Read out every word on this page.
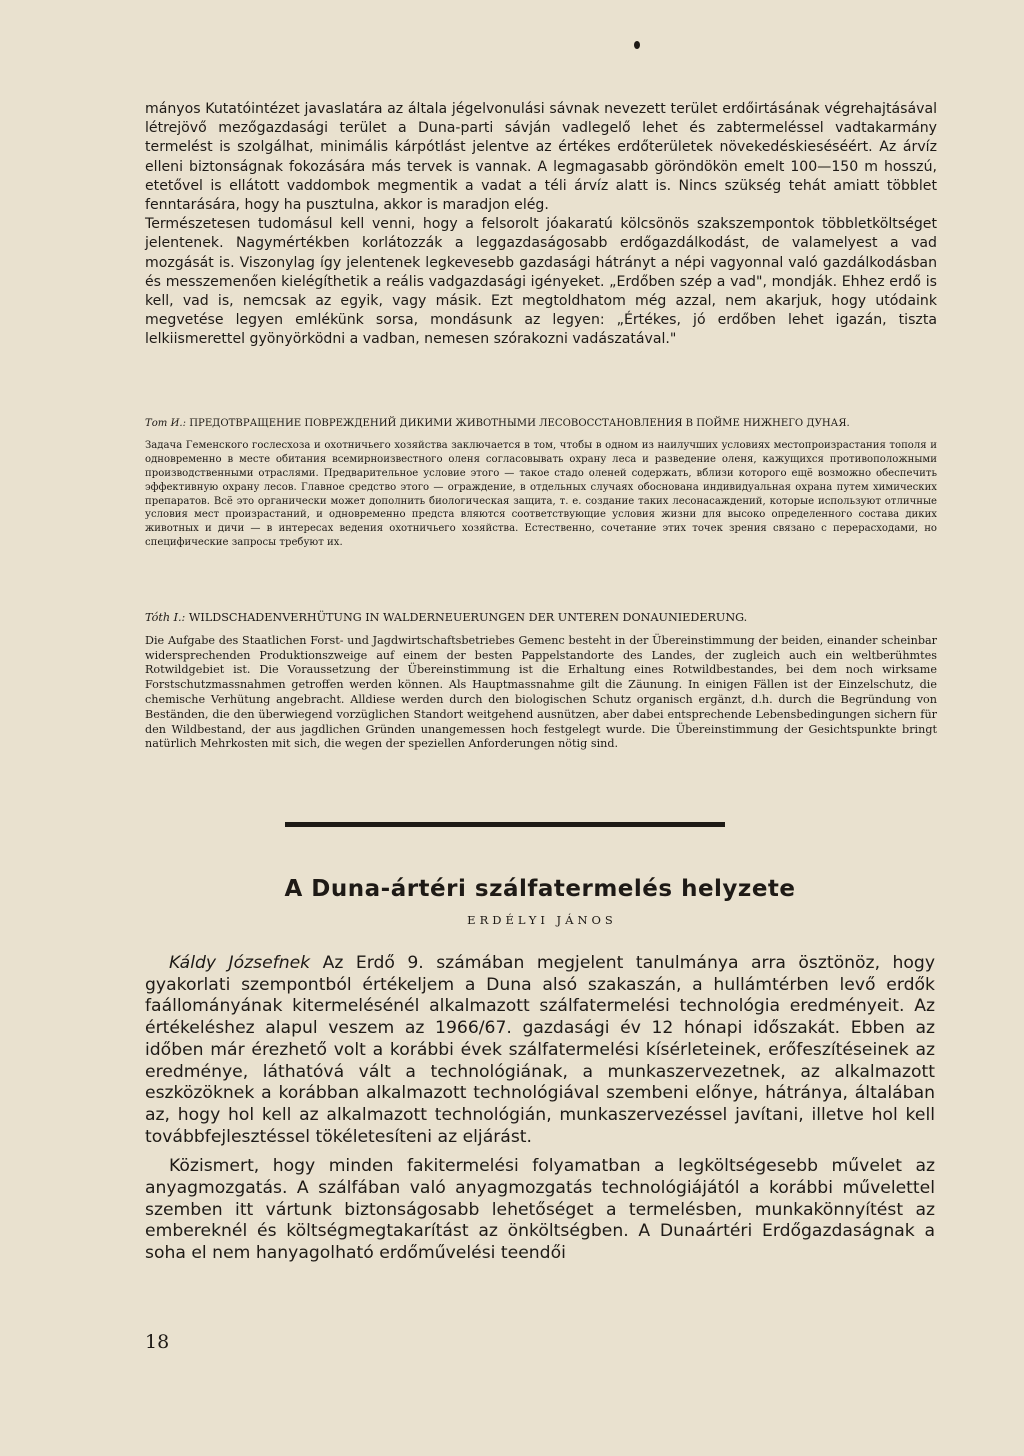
mányos Kutatóintézet javaslatára az általa jégelvonulási sávnak nevezett terület erdőirtásának végrehajtásával létrejövő mezőgazdasági terület a Duna-parti sávján vadlegelő lehet és zabtermeléssel vadtakarmány termelést is szolgálhat, minimális kárpótlást jelentve az értékes erdőterületek növekedéskieséséért. Az árvíz elleni biztonságnak fokozására más tervek is vannak. A legmagasabb göröndökön emelt 100—150 m hosszú, etetővel is ellátott vaddombok megmentik a vadat a téli árvíz alatt is. Nincs szükség tehát amiatt többlet fenntarására, hogy ha pusztulna, akkor is maradjon elég.

Természetesen tudomásul kell venni, hogy a felsorolt jóakaratú kölcsönös szakszempontok többletköltséget jelentenek. Nagymértékben korlátozzák a leggazdaságosabb erdőgazdálkodást, de valamelyest a vad mozgását is. Viszonylag így jelentenek legkevesebb gazdasági hátrányt a népi vagyonnal való gazdálkodásban és messzemenően kielégíthetik a reális vadgazdasági igényeket. „Erdőben szép a vad", mondják. Ehhez erdő is kell, vad is, nemcsak az egyik, vagy másik. Ezt megtoldhatom még azzal, nem akarjuk, hogy utódaink megvetése legyen emlékünk sorsa, mondásunk az legyen: „Értékes, jó erdőben lehet igazán, tiszta lelkiismerettel gyönyörködni a vadban, nemesen szórakozni vadászatával."

Тот И.: ПРЕДОТВРАЩЕНИЕ ПОВРЕЖДЕНИЙ ДИКИМИ ЖИВОТНЫМИ ЛЕСОВОССТАНОВЛЕНИЯ В ПОЙМЕ НИЖНЕГО ДУНАЯ.

Задача Геменского гослесхоза и охотничьего хозяйства заключается в том, чтобы в одном из наилучших условиях местопроизрастания тополя и одновременно в месте обитания всемирноизвестного оленя согласовывать охрану леса и разведение оленя, кажущихся противоположными производственными отраслями. Предварительное условие этого — такое стадо оленей содержать, вблизи которого ещё возможно обеспечить эффективную охрану лесов. Главное средство этого — ограждение, в отдельных случаях обоснована индивидуальная охрана путем химических препаратов. Всё это органически может дополнить биологическая защита, т. е. создание таких лесонасаждений, которые используют отличные условия мест произрастаний, и одновременно предста вляются соответствующие условия жизни для высоко определенного состава диких животных и дичи — в интересах ведения охотничьего хозяйства. Естественно, сочетание этих точек зрения связано с перерасходами, но специфические запросы требуют их.

Tóth I.: WILDSCHADENVERHÜTUNG IN WALDERNEUERUNGEN DER UNTEREN DONAUNIEDERUNG.

Die Aufgabe des Staatlichen Forst- und Jagdwirtschaftsbetriebes Gemenc besteht in der Übereinstimmung der beiden, einander scheinbar widersprechenden Produktionszweige auf einem der besten Pappelstandorte des Landes, der zugleich auch ein weltberühmtes Rotwildgebiet ist. Die Voraussetzung der Übereinstimmung ist die Erhaltung eines Rotwildbestandes, bei dem noch wirksame Forstschutzmassnahmen getroffen werden können. Als Hauptmassnahme gilt die Zäunung. In einigen Fällen ist der Einzelschutz, die chemische Verhütung angebracht. Alldiese werden durch den biologischen Schutz organisch ergänzt, d.h. durch die Begründung von Beständen, die den überwiegend vorzüglichen Standort weitgehend ausnützen, aber dabei entsprechende Lebensbedingungen sichern für den Wildbestand, der aus jagdlichen Gründen unangemessen hoch festgelegt wurde. Die Übereinstimmung der Gesichtspunkte bringt natürlich Mehrkosten mit sich, die wegen der speziellen Anforderungen nötig sind.

A Duna-ártéri szálfatermelés helyzete
ERDÉLYI JÁNOS

Káldy Józsefnek Az Erdő 9. számában megjelent tanulmánya arra ösztönöz, hogy gyakorlati szempontból értékeljem a Duna alsó szakaszán, a hullámtérben levő erdők faállományának kitermelésénél alkalmazott szálfatermelési technológia eredményeit. Az értékeléshez alapul veszem az 1966/67. gazdasági év 12 hónapi időszakát. Ebben az időben már érezhető volt a korábbi évek szálfatermelési kísérleteinek, erőfeszítéseinek az eredménye, láthatóvá vált a technológiának, a munkaszervezetnek, az alkalmazott eszközöknek a korábban alkalmazott technológiával szembeni előnye, hátránya, általában az, hogy hol kell az alkalmazott technológián, munkaszervezéssel javítani, illetve hol kell továbbfejlesztéssel tökéletesíteni az eljárást.

Közismert, hogy minden fakitermelési folyamatban a legköltségesebb művelet az anyagmozgatás. A szálfában való anyagmozgatás technológiájától a korábbi művelettel szemben itt vártunk biztonságosabb lehetőséget a termelésben, munkakönnyítést az embereknél és költségmegtakarítást az önköltségben. A Dunaártéri Erdőgazdaságnak a soha el nem hanyagolható erdőművelési teendői

18
